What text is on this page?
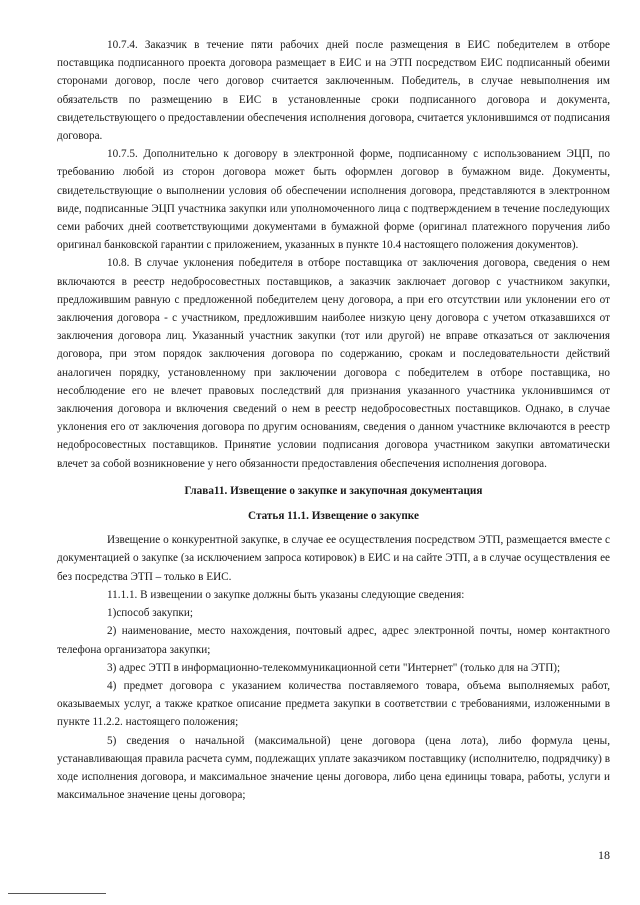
10.7.4. Заказчик в течение пяти рабочих дней после размещения в ЕИС победителем в отборе поставщика подписанного проекта договора размещает в ЕИС и на ЭТП посредством ЕИС подписанный обеими сторонами договор, после чего договор считается заключенным. Победитель, в случае невыполнения им обязательств по размещению в ЕИС в установленные сроки подписанного договора и документа, свидетельствующего о предоставлении обеспечения исполнения договора, считается уклонившимся от подписания договора.

10.7.5. Дополнительно к договору в электронной форме, подписанному с использованием ЭЦП, по требованию любой из сторон договора может быть оформлен договор в бумажном виде. Документы, свидетельствующие о выполнении условия об обеспечении исполнения договора, представляются в электронном виде, подписанные ЭЦП участника закупки или уполномоченного лица с подтверждением в течение последующих семи рабочих дней соответствующими документами в бумажной форме (оригинал платежного поручения либо оригинал банковской гарантии с приложением, указанных в пункте 10.4 настоящего положения документов).

10.8. В случае уклонения победителя в отборе поставщика от заключения договора, сведения о нем включаются в реестр недобросовестных поставщиков, а заказчик заключает договор с участником закупки, предложившим равную с предложенной победителем цену договора, а при его отсутствии или уклонении его от заключения договора - с участником, предложившим наиболее низкую цену договора с учетом отказавшихся от заключения договора лиц. Указанный участник закупки (тот или другой) не вправе отказаться от заключения договора, при этом порядок заключения договора по содержанию, срокам и последовательности действий аналогичен порядку, установленному при заключении договора с победителем в отборе поставщика, но несоблюдение его не влечет правовых последствий для признания указанного участника уклонившимся от заключения договора и включения сведений о нем в реестр недобросовестных поставщиков. Однако, в случае уклонения его от заключения договора по другим основаниям, сведения о данном участнике включаются в реестр недобросовестных поставщиков. Принятие условии подписания договора участником закупки автоматически влечет за собой возникновение у него обязанности предоставления обеспечения исполнения договора.

Глава11. Извещение о закупке и закупочная документация
Статья 11.1. Извещение о закупке

Извещение о конкурентной закупке, в случае ее осуществления посредством ЭТП, размещается вместе с документацией о закупке (за исключением запроса котировок) в ЕИС и на сайте ЭТП, а в случае осуществления ее без посредства ЭТП – только в ЕИС.

11.1.1. В извещении о закупке должны быть указаны следующие сведения:

1)способ закупки;

2) наименование, место нахождения, почтовый адрес, адрес электронной почты, номер контактного телефона организатора закупки;

3) адрес ЭТП в информационно-телекоммуникационной сети "Интернет" (только для на ЭТП);

4) предмет договора с указанием количества поставляемого товара, объема выполняемых работ, оказываемых услуг, а также краткое описание предмета закупки в соответствии с требованиями, изложенными в пункте 11.2.2. настоящего положения;

5) сведения о начальной (максимальной) цене договора (цена лота), либо формула цены, устанавливающая правила расчета сумм, подлежащих уплате заказчиком поставщику (исполнителю, подрядчику) в ходе исполнения договора, и максимальное значение цены договора, либо цена единицы товара, работы, услуги и максимальное значение цены договора;

18
